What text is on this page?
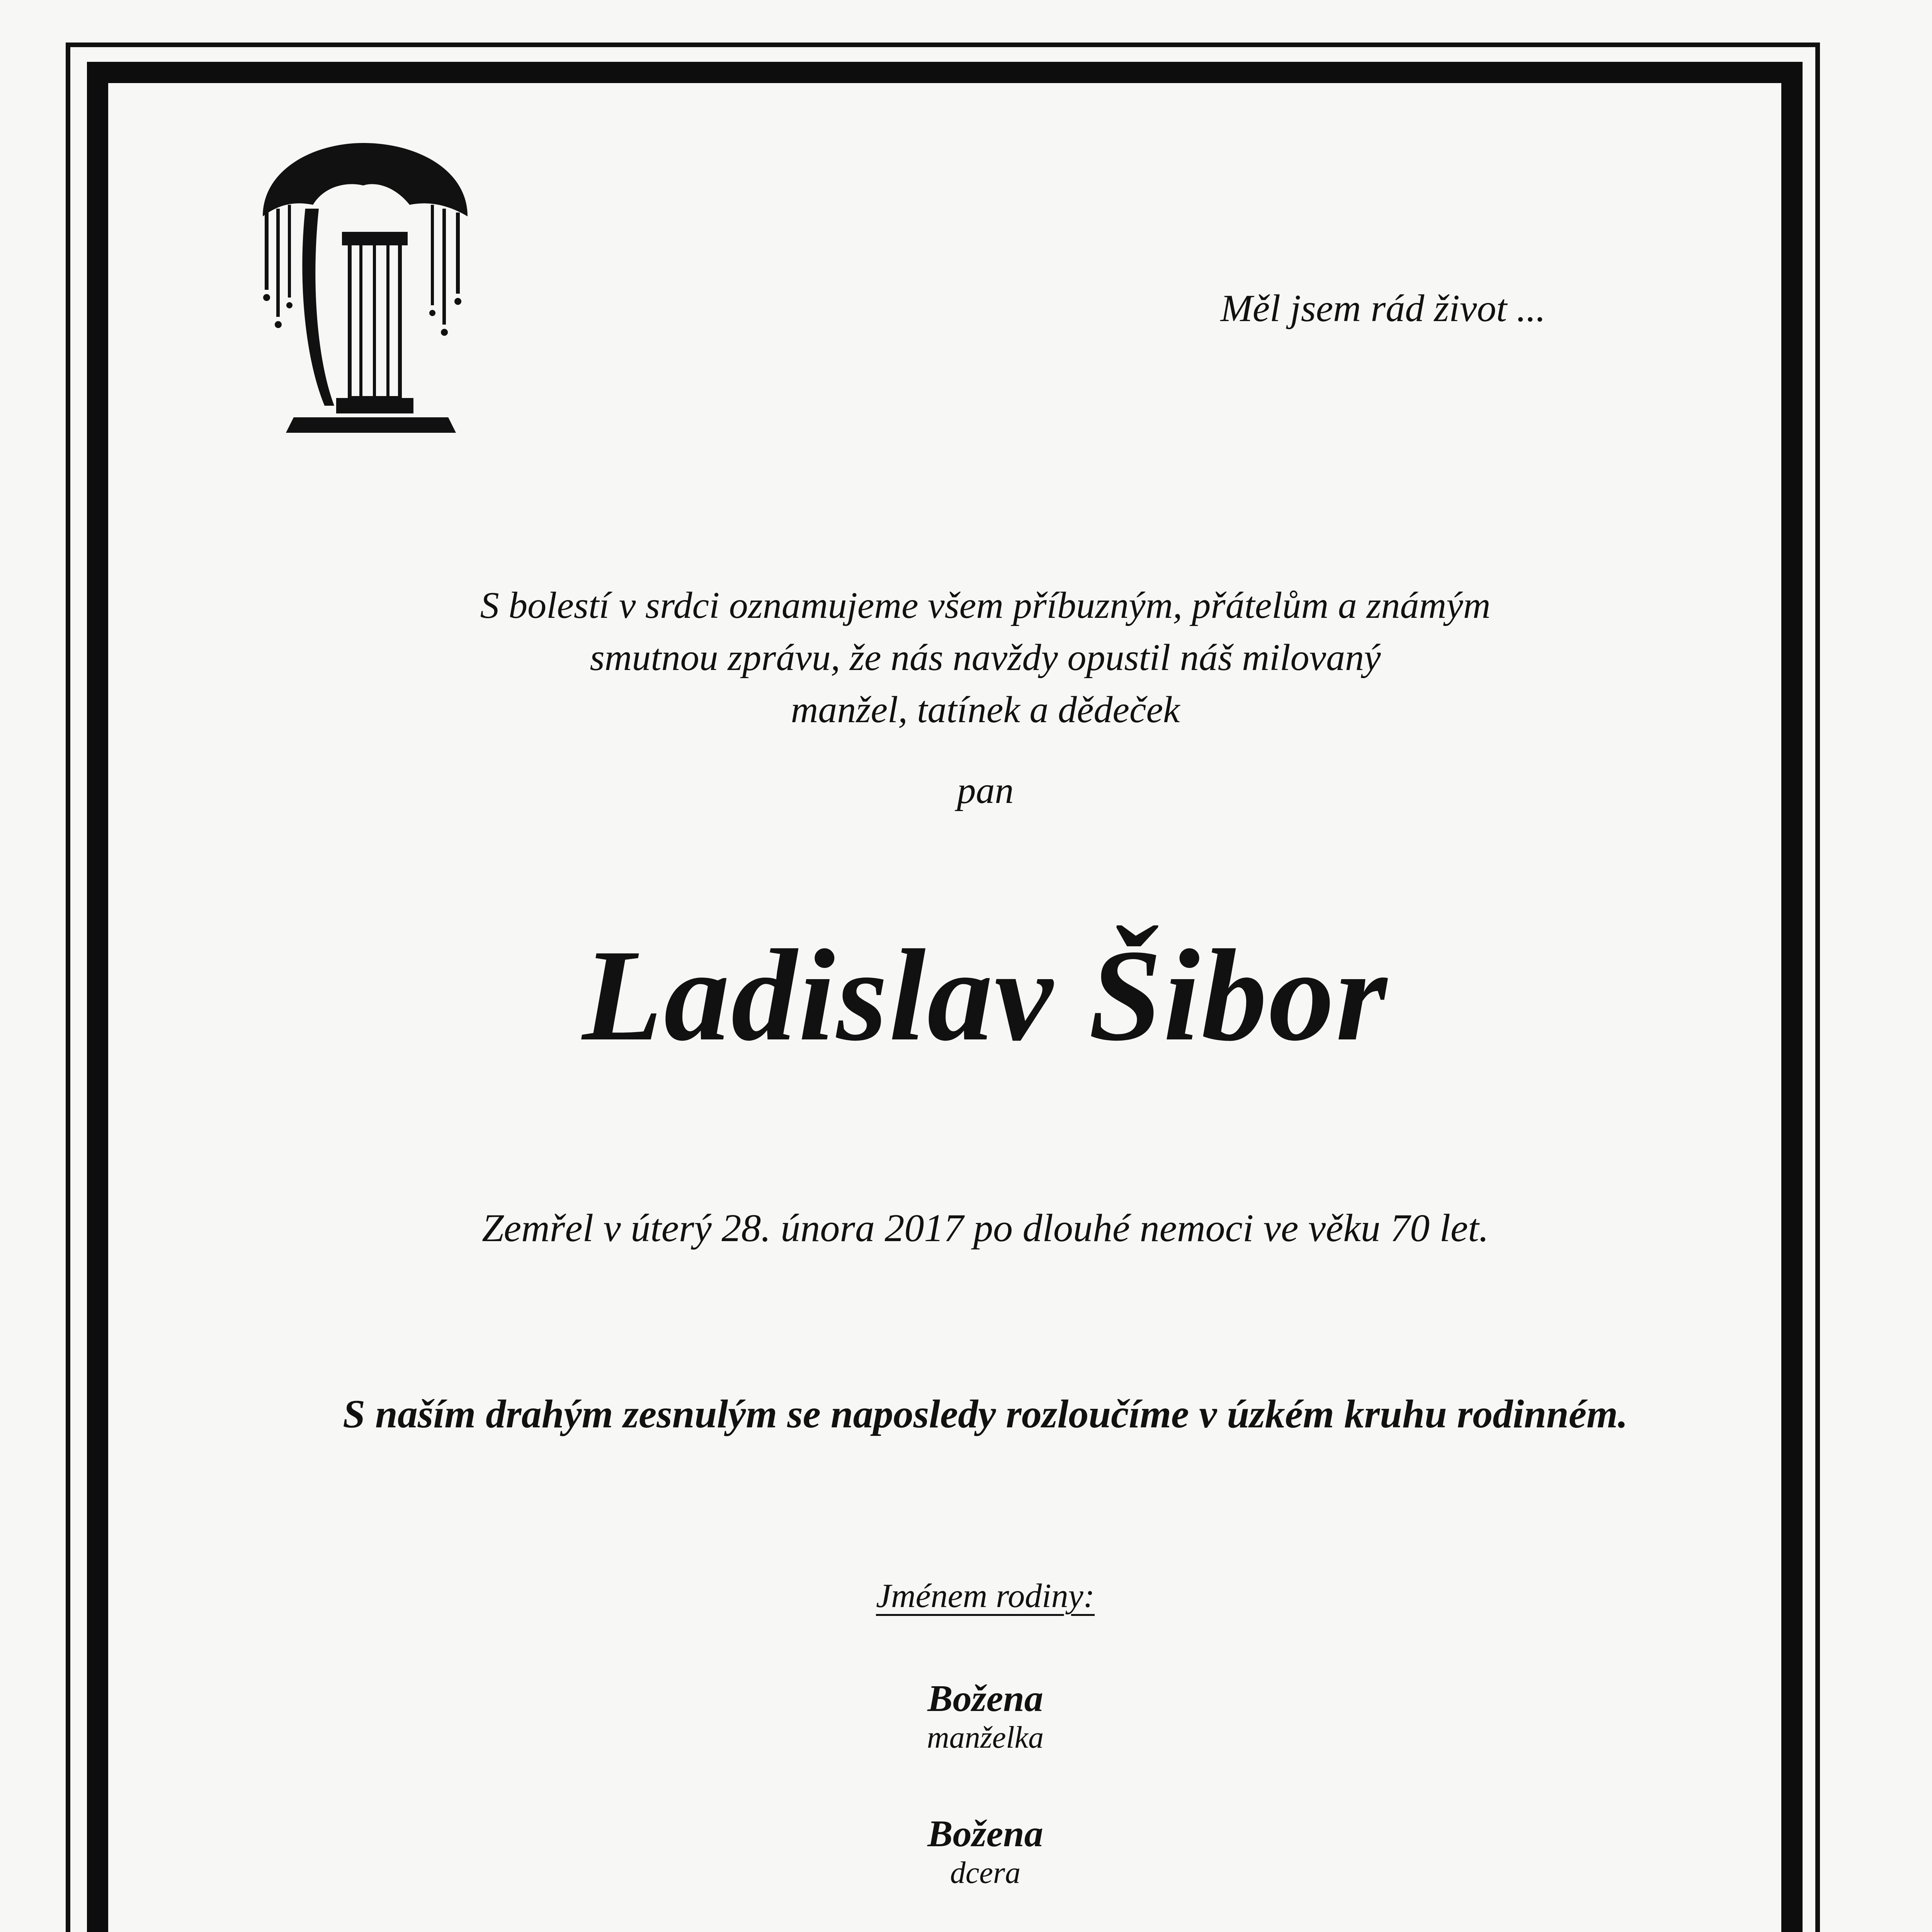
Měl jsem rád život ...
S bolestí v srdci oznamujeme všem příbuzným, přátelům a známým
smutnou zprávu, že nás navždy opustil náš milovaný
manžel, tatínek a dědeček
pan
Ladislav Šibor
Zemřel v úterý 28. února 2017 po dlouhé nemoci ve věku 70 let.
S naším drahým zesnulým se naposledy rozloučíme v úzkém kruhu rodinném.
Jménem rodiny:
Božena
manželka
Božena
dcera
